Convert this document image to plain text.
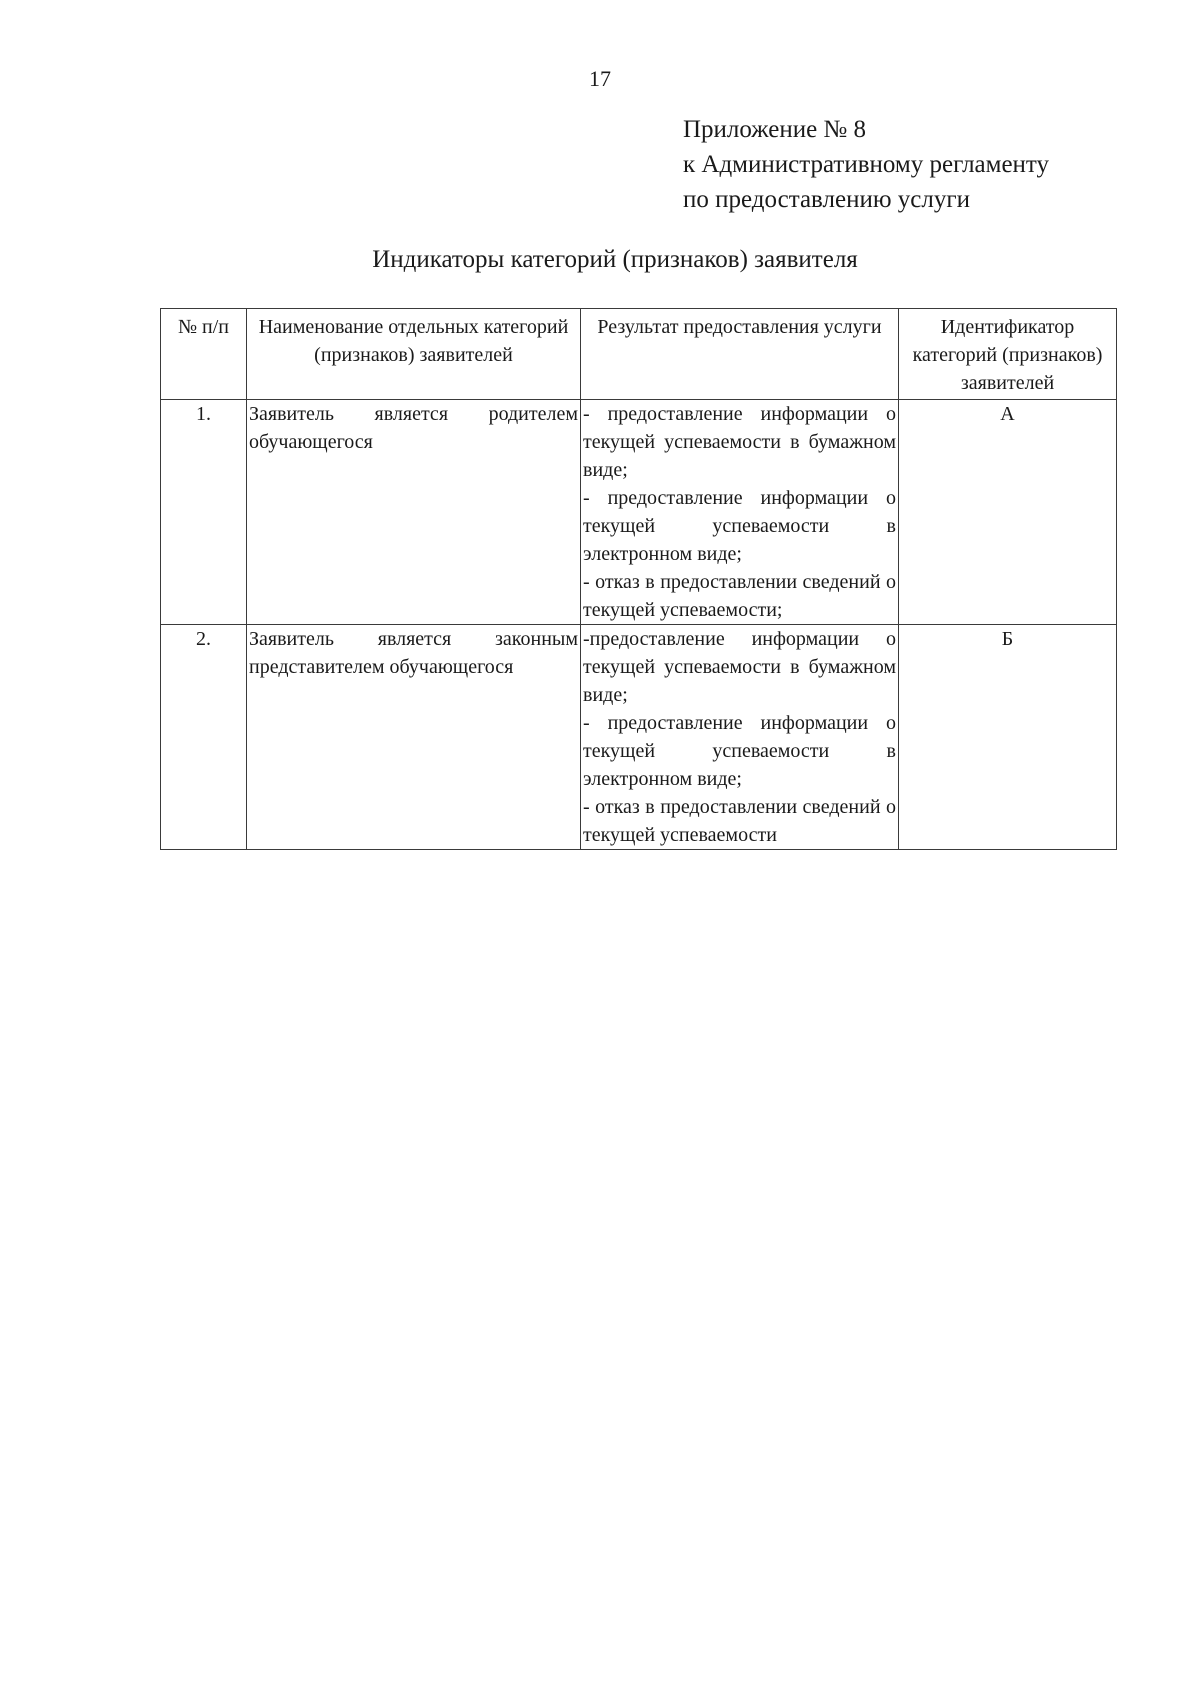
17
Приложение № 8
к Административному регламенту
по предоставлению услуги
Индикаторы категорий (признаков) заявителя
№ п/п	Наименование отдельных категорий (признаков) заявителей	Результат предоставления услуги	Идентификатор категорий (признаков) заявителей
1.	Заявитель является родителем обучающегося	- предоставление информации о текущей успеваемости в бумажном виде;
- предоставление информации о текущей успеваемости в электронном виде;
- отказ в предоставлении сведений о текущей успеваемости;	А
2.	Заявитель является законным представителем обучающегося	-предоставление информации о текущей успеваемости в бумажном виде;
- предоставление информации о текущей успеваемости в электронном виде;
- отказ в предоставлении сведений о текущей успеваемости	Б
